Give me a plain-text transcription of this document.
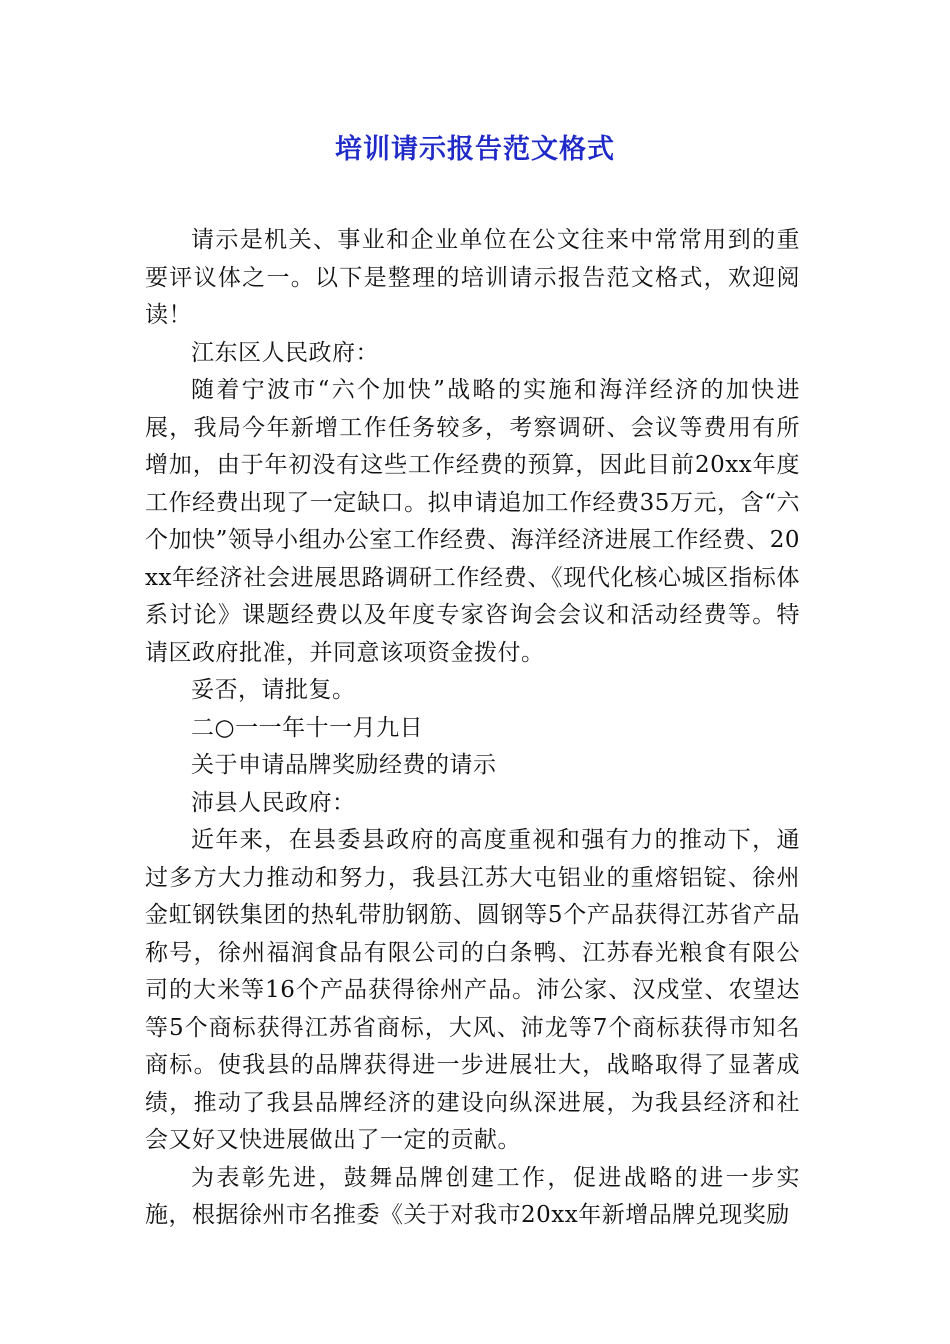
培训请示报告范文格式

请示是机关、事业和企业单位在公文往来中常常用到的重要评议体之一。以下是整理的培训请示报告范文格式，欢迎阅读！

江东区人民政府：

随着宁波市“六个加快”战略的实施和海洋经济的加快进展，我局今年新增工作任务较多，考察调研、会议等费用有所增加，由于年初没有这些工作经费的预算，因此目前20xx年度工作经费出现了一定缺口。拟申请追加工作经费35万元，含“六个加快”领导小组办公室工作经费、海洋经济进展工作经费、20xx年经济社会进展思路调研工作经费、《现代化核心城区指标体系讨论》课题经费以及年度专家咨询会会议和活动经费等。特请区政府批准，并同意该项资金拨付。

妥否，请批复。

二○一一年十一月九日

关于申请品牌奖励经费的请示

沛县人民政府：

近年来，在县委县政府的高度重视和强有力的推动下，通过多方大力推动和努力，我县江苏大屯铝业的重熔铝锭、徐州金虹钢铁集团的热轧带肋钢筋、圆钢等5个产品获得江苏省产品称号，徐州福润食品有限公司的白条鸭、江苏春光粮食有限公司的大米等16个产品获得徐州产品。沛公家、汉戍堂、农望达等5个商标获得江苏省商标，大风、沛龙等7个商标获得市知名商标。使我县的品牌获得进一步进展壮大，战略取得了显著成绩，推动了我县品牌经济的建设向纵深进展，为我县经济和社会又好又快进展做出了一定的贡献。

为表彰先进，鼓舞品牌创建工作，促进战略的进一步实施，根据徐州市名推委《关于对我市20xx年新增品牌兑现奖励
